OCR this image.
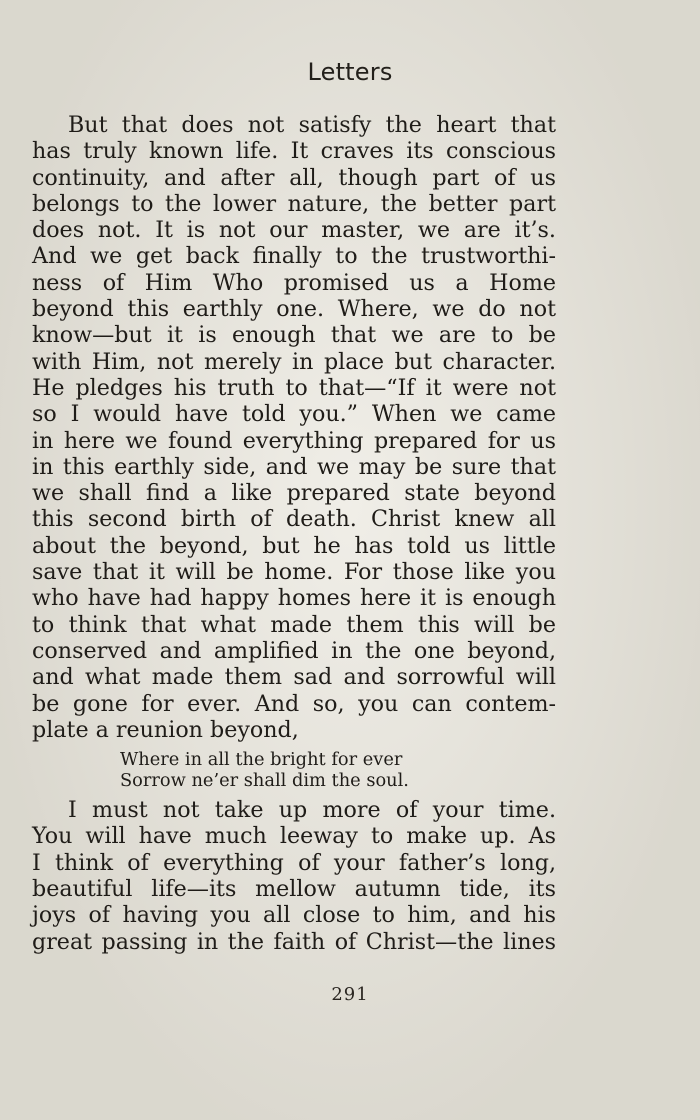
Letters
But that does not satisfy the heart that
has truly known life. It craves its conscious
continuity, and after all, though part of us
belongs to the lower nature, the better part
does not. It is not our master, we are it’s.
And we get back finally to the trustworthi-
ness of Him Who promised us a Home
beyond this earthly one. Where, we do not
know—but it is enough that we are to be
with Him, not merely in place but character.
He pledges his truth to that—“If it were not
so I would have told you.” When we came
in here we found everything prepared for us
in this earthly side, and we may be sure that
we shall find a like prepared state beyond
this second birth of death. Christ knew all
about the beyond, but he has told us little
save that it will be home. For those like you
who have had happy homes here it is enough
to think that what made them this will be
conserved and amplified in the one beyond,
and what made them sad and sorrowful will
be gone for ever. And so, you can contem-
plate a reunion beyond,
Where in all the bright for ever
Sorrow ne’er shall dim the soul.
I must not take up more of your time.
You will have much leeway to make up. As
I think of everything of your father’s long,
beautiful life—its mellow autumn tide, its
joys of having you all close to him, and his
great passing in the faith of Christ—the lines
291
